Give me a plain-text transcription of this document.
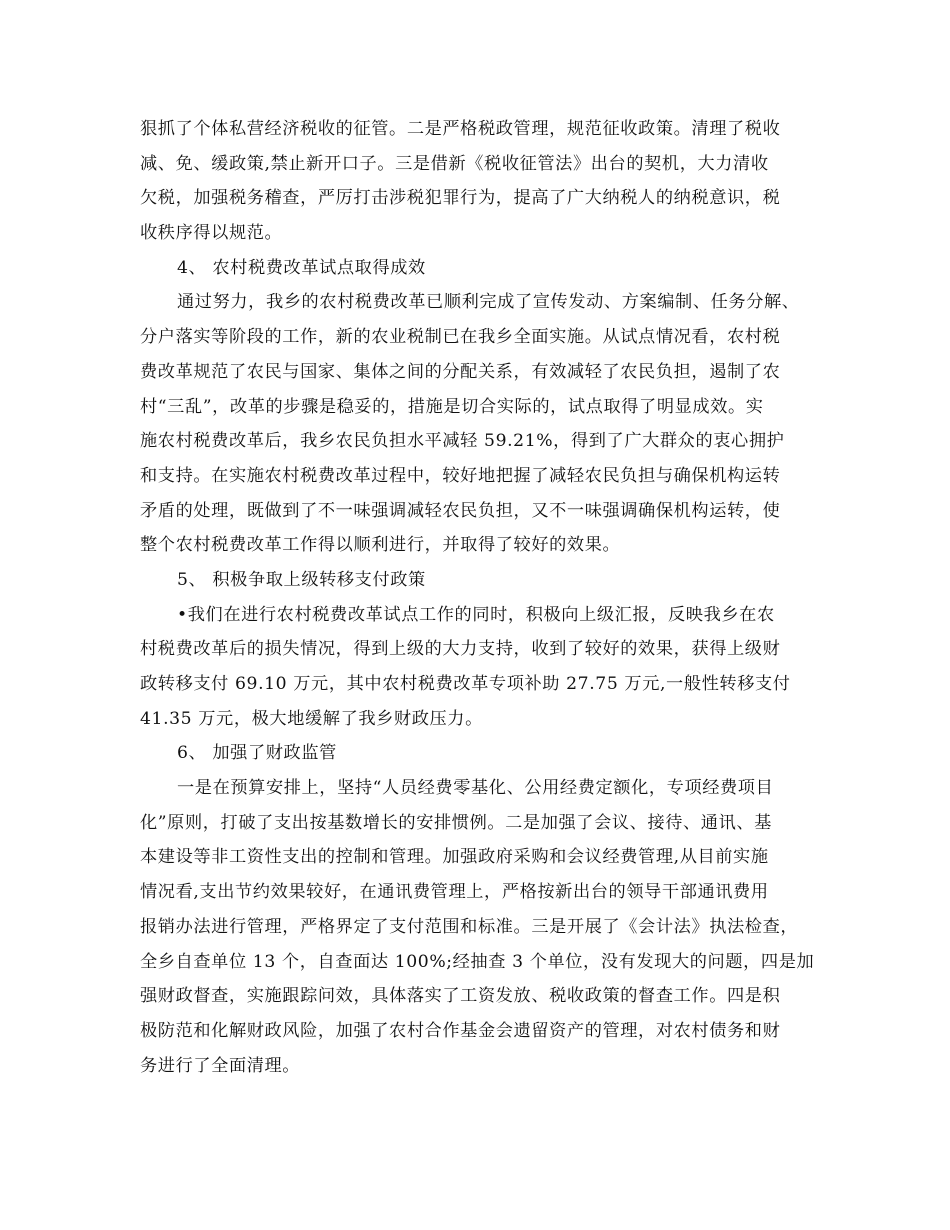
狠抓了个体私营经济税收的征管。二是严格税政管理，规范征收政策。清理了税收
减、免、缓政策,禁止新开口子。三是借新《税收征管法》出台的契机，大力清收
欠税，加强税务稽查，严厉打击涉税犯罪行为，提高了广大纳税人的纳税意识，税
收秩序得以规范。
4、 农村税费改革试点取得成效
通过努力，我乡的农村税费改革已顺利完成了宣传发动、方案编制、任务分解、
分户落实等阶段的工作，新的农业税制已在我乡全面实施。从试点情况看，农村税
费改革规范了农民与国家、集体之间的分配关系，有效减轻了农民负担，遏制了农
村“三乱”，改革的步骤是稳妥的，措施是切合实际的，试点取得了明显成效。实
施农村税费改革后，我乡农民负担水平减轻 59.21%，得到了广大群众的衷心拥护
和支持。在实施农村税费改革过程中，较好地把握了减轻农民负担与确保机构运转
矛盾的处理，既做到了不一味强调减轻农民负担，又不一味强调确保机构运转，使
整个农村税费改革工作得以顺利进行，并取得了较好的效果。
5、 积极争取上级转移支付政策
•我们在进行农村税费改革试点工作的同时，积极向上级汇报，反映我乡在农
村税费改革后的损失情况，得到上级的大力支持，收到了较好的效果，获得上级财
政转移支付 69.10 万元，其中农村税费改革专项补助 27.75 万元,一般性转移支付
41.35 万元，极大地缓解了我乡财政压力。
6、 加强了财政监管
一是在预算安排上，坚持“人员经费零基化、公用经费定额化，专项经费项目
化”原则，打破了支出按基数增长的安排惯例。二是加强了会议、接待、通讯、基
本建设等非工资性支出的控制和管理。加强政府采购和会议经费管理,从目前实施
情况看,支出节约效果较好，在通讯费管理上，严格按新出台的领导干部通讯费用
报销办法进行管理，严格界定了支付范围和标准。三是开展了《会计法》执法检查，
全乡自查单位 13 个，自查面达 100%;经抽查 3 个单位，没有发现大的问题，四是加
强财政督查，实施跟踪问效，具体落实了工资发放、税收政策的督查工作。四是积
极防范和化解财政风险，加强了农村合作基金会遗留资产的管理，对农村债务和财
务进行了全面清理。
